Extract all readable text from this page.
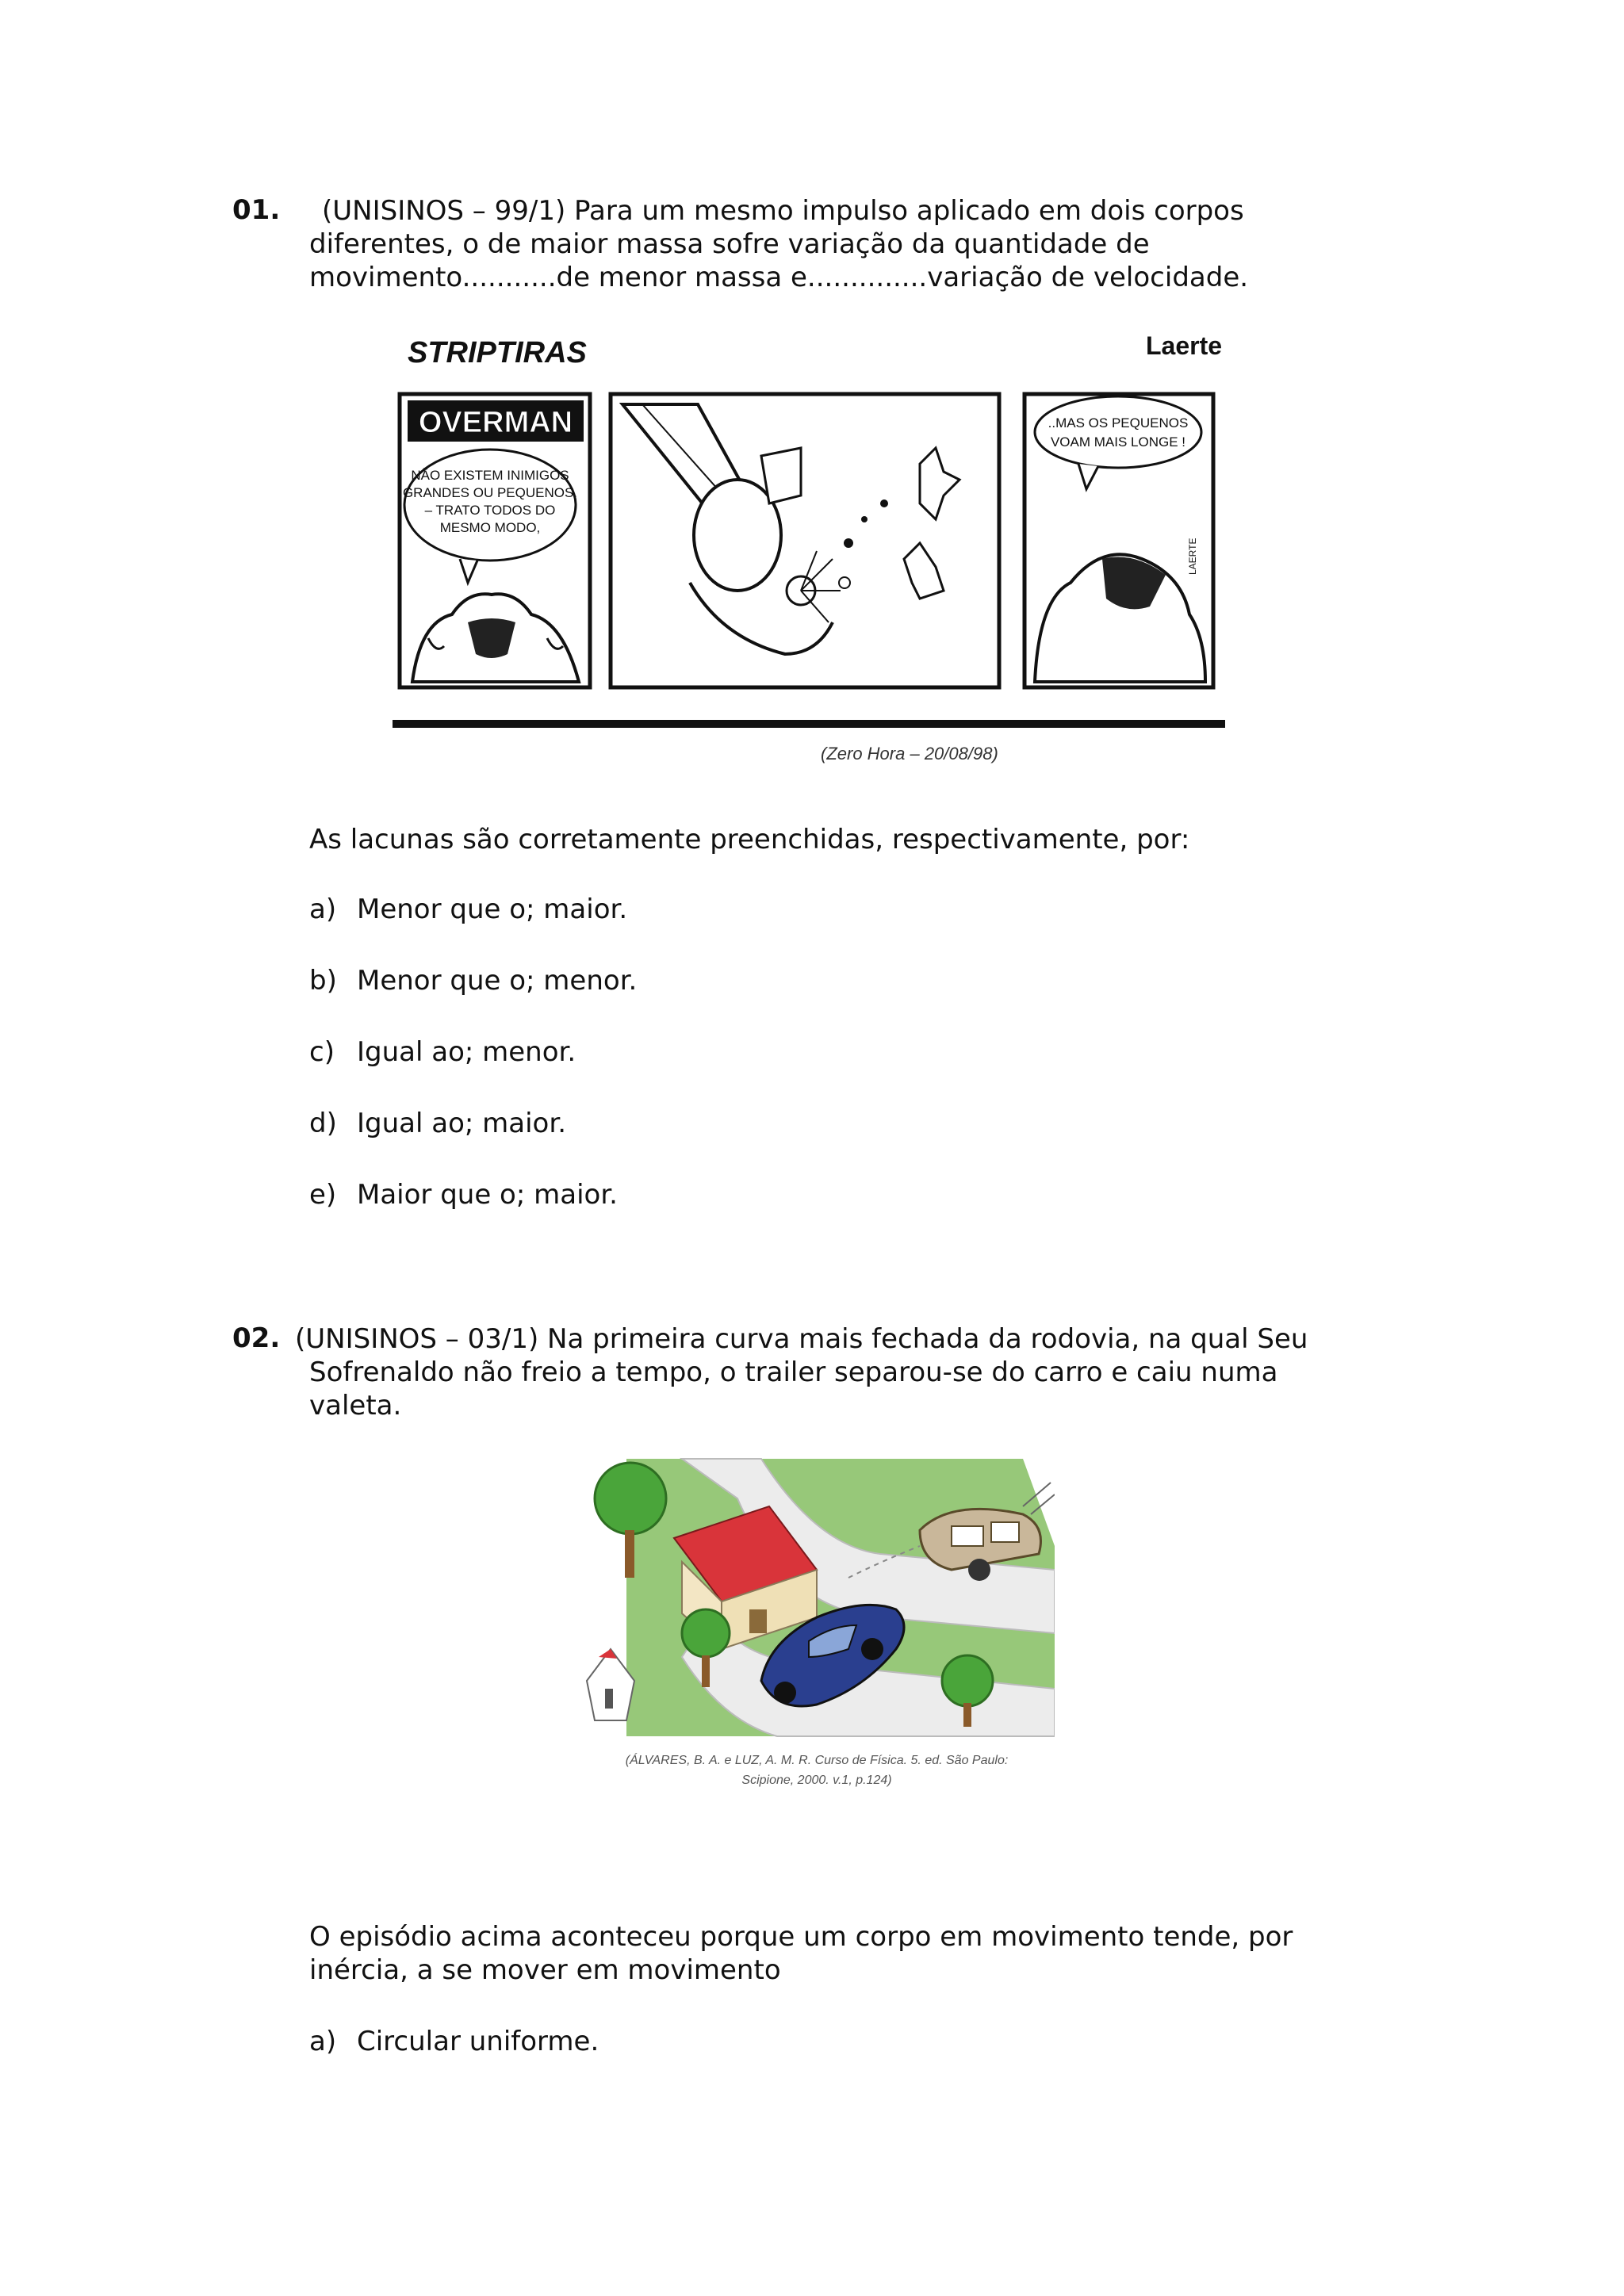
01. (UNISINOS – 99/1) Para um mesmo impulso aplicado em dois corpos
diferentes, o de maior massa sofre variação da quantidade de
movimento...........de menor massa e..............variação de velocidade.
STRIPTIRAS	Laerte
OVERMAN
NÃO EXISTEM INIMIGOS
GRANDES OU PEQUENOS.
– TRATO TODOS DO
MESMO MODO,
..MAS OS PEQUENOS
VOAM MAIS LONGE !
LAERTE
(Zero Hora – 20/08/98)
As lacunas são corretamente preenchidas, respectivamente, por:
a) Menor que o; maior.
b) Menor que o; menor.
c) Igual ao; menor.
d) Igual ao; maior.
e) Maior que o; maior.
02. (UNISINOS – 03/1) Na primeira curva mais fechada da rodovia, na qual Seu
Sofrenaldo não freio a tempo, o trailer separou-se do carro e caiu numa
valeta.
(ÁLVARES, B. A. e LUZ, A. M. R. Curso de Física. 5. ed. São Paulo:
Scipione, 2000. v.1, p.124)
O episódio acima aconteceu porque um corpo em movimento tende, por
inércia, a se mover em movimento
a) Circular uniforme.
